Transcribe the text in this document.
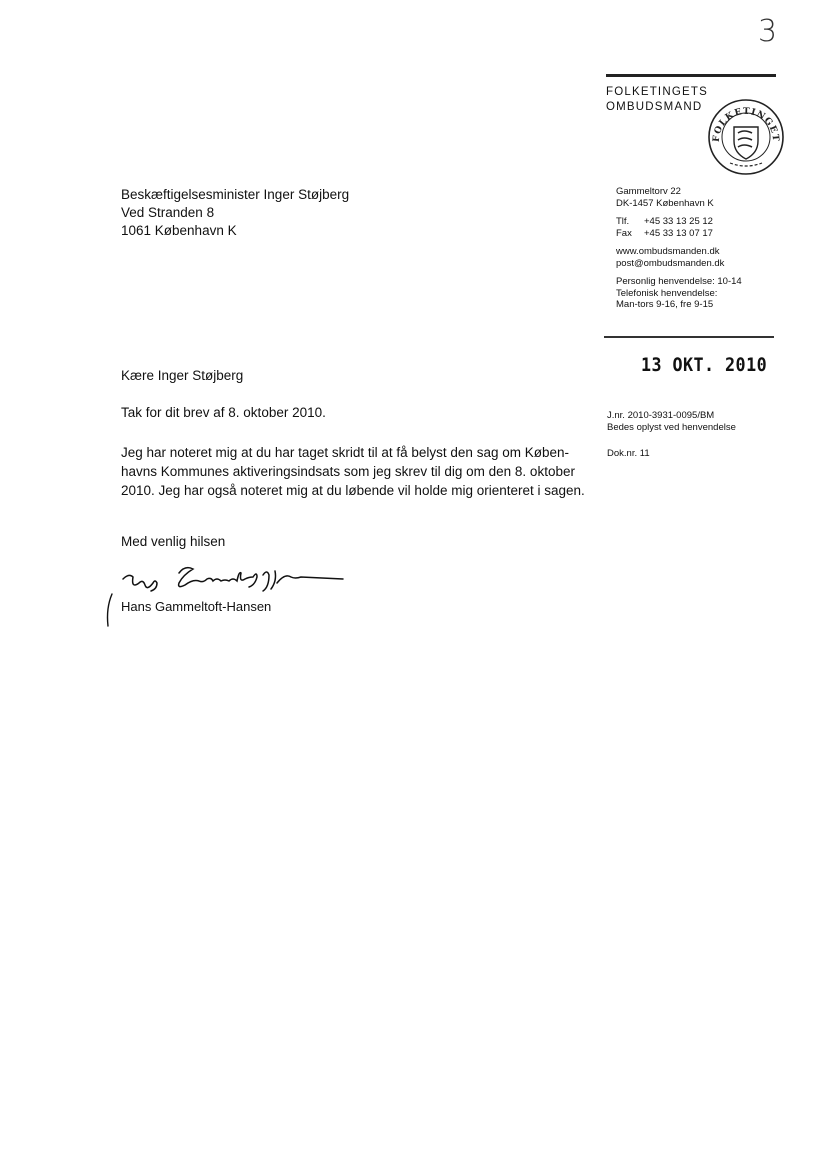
3
FOLKETINGETS
OMBUDSMAND
FOLKETINGET
Beskæftigelsesminister Inger Støjberg
Ved Stranden 8
1061 København K
Gammeltorv 22
DK-1457 København K
Tlf. +45 33 13 25 12
Fax +45 33 13 07 17
www.ombudsmanden.dk
post@ombudsmanden.dk
Personlig henvendelse: 10-14
Telefonisk henvendelse:
Man-tors 9-16, fre 9-15
13 OKT. 2010
Kære Inger Støjberg
J.nr. 2010-3931-0095/BM
Bedes oplyst ved henvendelse
Dok.nr. 11
Tak for dit brev af 8. oktober 2010.
Jeg har noteret mig at du har taget skridt til at få belyst den sag om Køben-
havns Kommunes aktiveringsindsats som jeg skrev til dig om den 8. oktober
2010. Jeg har også noteret mig at du løbende vil holde mig orienteret i sagen.
Med venlig hilsen
Hans Gammeltoft-Hansen
